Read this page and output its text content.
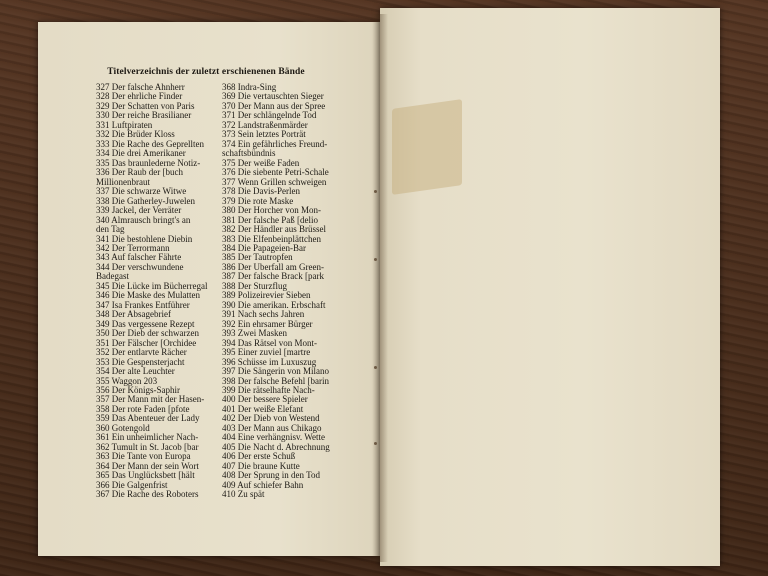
Titelverzeichnis der zuletzt erschienenen Bände
327 Der falsche Ahnherr
328 Der ehrliche Finder
329 Der Schatten von Paris
330 Der reiche Brasilianer
331 Luftpiraten
332 Die Brüder Kloss
333 Die Rache des Geprellten
334 Die drei Amerikaner
335 Das braunlederne Notiz-
336 Der Raub der [buch
Millionenbraut
337 Die schwarze Witwe
338 Die Gatherley-Juwelen
339 Jackel, der Verräter
340 Almrausch bringt's an
den Tag
341 Die bestohlene Diebin
342 Der Terrormann
343 Auf falscher Fährte
344 Der verschwundene
Badegast
345 Die Lücke im Bücherregal
346 Die Maske des Mulatten
347 Isa Frankes Entführer
348 Der Absagebrief
349 Das vergessene Rezept
350 Der Dieb der schwarzen
351 Der Fälscher [Orchidee
352 Der entlarvte Rächer
353 Die Gespensterjacht
354 Der alte Leuchter
355 Waggon 203
356 Der Königs-Saphir
357 Der Mann mit der Hasen-
358 Der rote Faden [pfote
359 Das Abenteuer der Lady
360 Gotengold
361 Ein unheimlicher Nach-
362 Tumult in St. Jacob [bar
363 Die Tante von Europa
364 Der Mann der sein Wort
365 Das Unglücksbett [hält
366 Die Galgenfrist
367 Die Rache des Roboters
368 Indra-Sing
369 Die vertauschten Sieger
370 Der Mann aus der Spree
371 Der schlängelnde Tod
372 Landstraßenmärder
373 Sein letztes Porträt
374 Ein gefährliches Freund-
schaftsbündnis
375 Der weiße Faden
376 Die siebente Petri-Schale
377 Wenn Grillen schweigen
378 Die Davis-Perlen
379 Die rote Maske
380 Der Horcher von Mon-
381 Der falsche Paß [delio
382 Der Händler aus Brüssel
383 Die Elfenbeinplättchen
384 Die Papageien-Bar
385 Der Tautropfen
386 Der Überfall am Green-
387 Der falsche Brack [park
388 Der Sturzflug
389 Polizeirevier Sieben
390 Die amerikan. Erbschaft
391 Nach sechs Jahren
392 Ein ehrsamer Bürger
393 Zwei Masken
394 Das Rätsel von Mont-
395 Einer zuviel [martre
396 Schüsse im Luxuszug
397 Die Sängerin von Milano
398 Der falsche Befehl [barin
399 Die rätselhafte Nach-
400 Der bessere Spieler
401 Der weiße Elefant
402 Der Dieb von Westend
403 Der Mann aus Chikago
404 Eine verhängnisv. Wette
405 Die Nacht d. Abrechnung
406 Der erste Schuß
407 Die braune Kutte
408 Der Sprung in den Tod
409 Auf schiefer Bahn
410 Zu spät
